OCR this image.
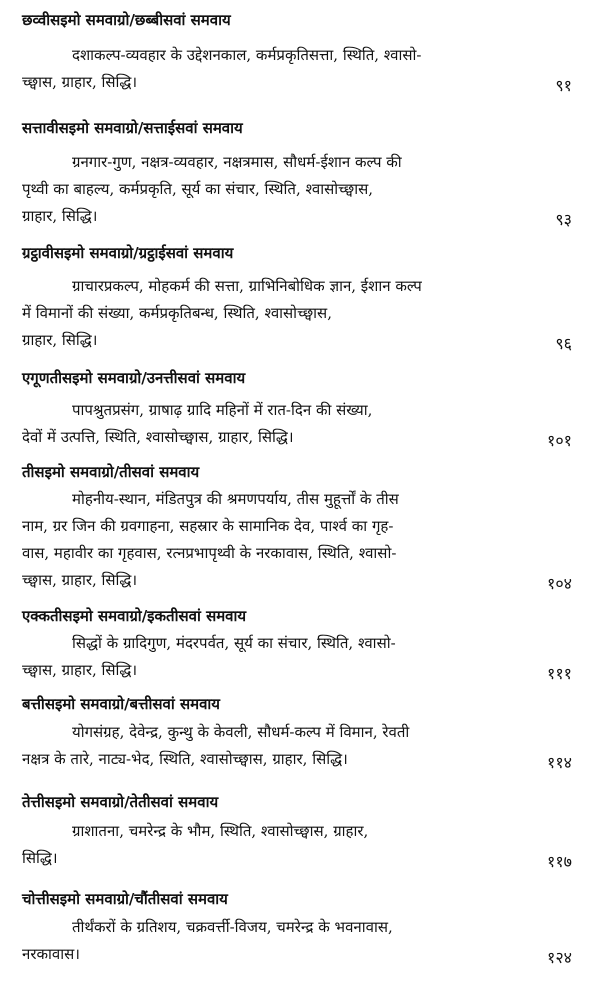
छव्वीसइमो समवाग्रो/छब्बीसवां समवाय
दशाकल्प-व्यवहार के उद्देशनकाल, कर्मप्रकृतिसत्ता, स्थिति, श्वासो-
च्छ्वास, ग्राहार, सिद्धि।	९१
सत्तावीसइमो समवाग्रो/सत्ताईसवां समवाय
ग्रनगार-गुण, नक्षत्र-व्यवहार, नक्षत्रमास, सौधर्म-ईशान कल्प की
पृथ्वी का बाहल्य, कर्मप्रकृति, सूर्य का संचार, स्थिति, श्वासोच्छ्वास,
ग्राहार, सिद्धि।	९३
ग्रट्ठावीसइमो समवाग्रो/ग्रट्ठाईसवां समवाय
ग्राचारप्रकल्प, मोहकर्म की सत्ता, ग्राभिनिबोधिक ज्ञान, ईशान कल्प
में विमानों की संख्या, कर्मप्रकृतिबन्ध, स्थिति, श्वासोच्छ्वास,
ग्राहार, सिद्धि।	९६
एगूणतीसइमो समवाग्रो/उनत्तीसवां समवाय
पापश्रुतप्रसंग, ग्राषाढ़ ग्रादि महिनों में रात-दिन की संख्या,
देवों में उत्पत्ति, स्थिति, श्वासोच्छ्वास, ग्राहार, सिद्धि।	१०१
तीसइमो समवाग्रो/तीसवां समवाय
मोहनीय-स्थान, मंडितपुत्र की श्रमणपर्याय, तीस मुहूर्त्तों के तीस
नाम, ग्रर जिन की ग्रवगाहना, सहस्रार के सामानिक देव, पार्श्व का गृह-
वास, महावीर का गृहवास, रत्नप्रभापृथ्वी के नरकावास, स्थिति, श्वासो-
च्छ्वास, ग्राहार, सिद्धि।	१०४
एक्कतीसइमो समवाग्रो/इकतीसवां समवाय
सिद्धों के ग्रादिगुण, मंदरपर्वत, सूर्य का संचार, स्थिति, श्वासो-
च्छ्वास, ग्राहार, सिद्धि।	१११
बत्तीसइमो समवाग्रो/बत्तीसवां समवाय
योगसंग्रह, देवेन्द्र, कुन्थु के केवली, सौधर्म-कल्प में विमान, रेवती
नक्षत्र के तारे, नाट्य-भेद, स्थिति, श्वासोच्छ्वास, ग्राहार, सिद्धि।	११४
तेत्तीसइमो समवाग्रो/तेतीसवां समवाय
ग्राशातना, चमरेन्द्र के भौम, स्थिति, श्वासोच्छ्वास, ग्राहार,
सिद्धि।	११७
चोत्तीसइमो समवाग्रो/चौंतीसवां समवाय
तीर्थंकरों के ग्रतिशय, चक्रवर्त्ती-विजय, चमरेन्द्र के भवनावास,
नरकावास।	१२४
